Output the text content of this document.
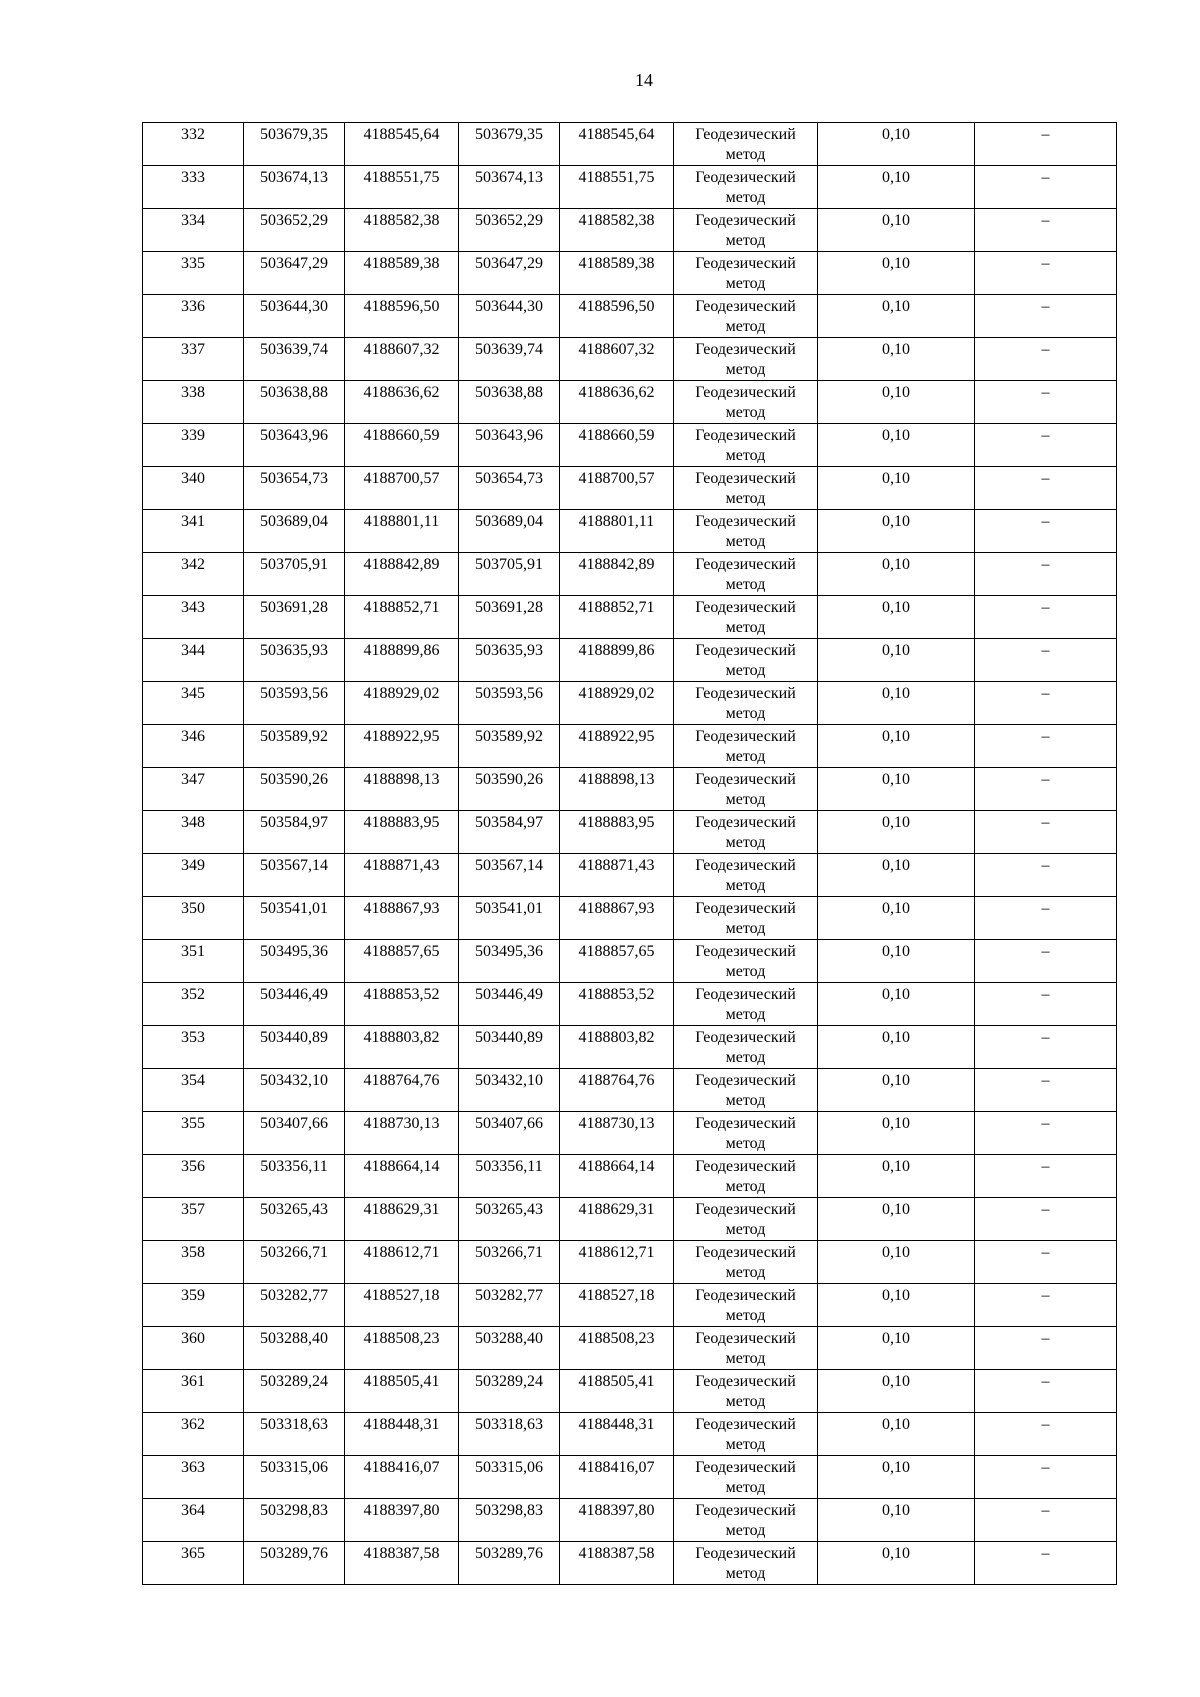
14
332	503679,35	4188545,64	503679,35	4188545,64	Геодезический метод	0,10	–

333	503674,13	4188551,75	503674,13	4188551,75	Геодезический метод	0,10	–

334	503652,29	4188582,38	503652,29	4188582,38	Геодезический метод	0,10	–

335	503647,29	4188589,38	503647,29	4188589,38	Геодезический метод	0,10	–

336	503644,30	4188596,50	503644,30	4188596,50	Геодезический метод	0,10	–

337	503639,74	4188607,32	503639,74	4188607,32	Геодезический метод	0,10	–

338	503638,88	4188636,62	503638,88	4188636,62	Геодезический метод	0,10	–

339	503643,96	4188660,59	503643,96	4188660,59	Геодезический метод	0,10	–

340	503654,73	4188700,57	503654,73	4188700,57	Геодезический метод	0,10	–

341	503689,04	4188801,11	503689,04	4188801,11	Геодезический метод	0,10	–

342	503705,91	4188842,89	503705,91	4188842,89	Геодезический метод	0,10	–

343	503691,28	4188852,71	503691,28	4188852,71	Геодезический метод	0,10	–

344	503635,93	4188899,86	503635,93	4188899,86	Геодезический метод	0,10	–

345	503593,56	4188929,02	503593,56	4188929,02	Геодезический метод	0,10	–

346	503589,92	4188922,95	503589,92	4188922,95	Геодезический метод	0,10	–

347	503590,26	4188898,13	503590,26	4188898,13	Геодезический метод	0,10	–

348	503584,97	4188883,95	503584,97	4188883,95	Геодезический метод	0,10	–

349	503567,14	4188871,43	503567,14	4188871,43	Геодезический метод	0,10	–

350	503541,01	4188867,93	503541,01	4188867,93	Геодезический метод	0,10	–

351	503495,36	4188857,65	503495,36	4188857,65	Геодезический метод	0,10	–

352	503446,49	4188853,52	503446,49	4188853,52	Геодезический метод	0,10	–

353	503440,89	4188803,82	503440,89	4188803,82	Геодезический метод	0,10	–

354	503432,10	4188764,76	503432,10	4188764,76	Геодезический метод	0,10	–

355	503407,66	4188730,13	503407,66	4188730,13	Геодезический метод	0,10	–

356	503356,11	4188664,14	503356,11	4188664,14	Геодезический метод	0,10	–

357	503265,43	4188629,31	503265,43	4188629,31	Геодезический метод	0,10	–

358	503266,71	4188612,71	503266,71	4188612,71	Геодезический метод	0,10	–

359	503282,77	4188527,18	503282,77	4188527,18	Геодезический метод	0,10	–

360	503288,40	4188508,23	503288,40	4188508,23	Геодезический метод	0,10	–

361	503289,24	4188505,41	503289,24	4188505,41	Геодезический метод	0,10	–

362	503318,63	4188448,31	503318,63	4188448,31	Геодезический метод	0,10	–

363	503315,06	4188416,07	503315,06	4188416,07	Геодезический метод	0,10	–

364	503298,83	4188397,80	503298,83	4188397,80	Геодезический метод	0,10	–

365	503289,76	4188387,58	503289,76	4188387,58	Геодезический метод	0,10	–
